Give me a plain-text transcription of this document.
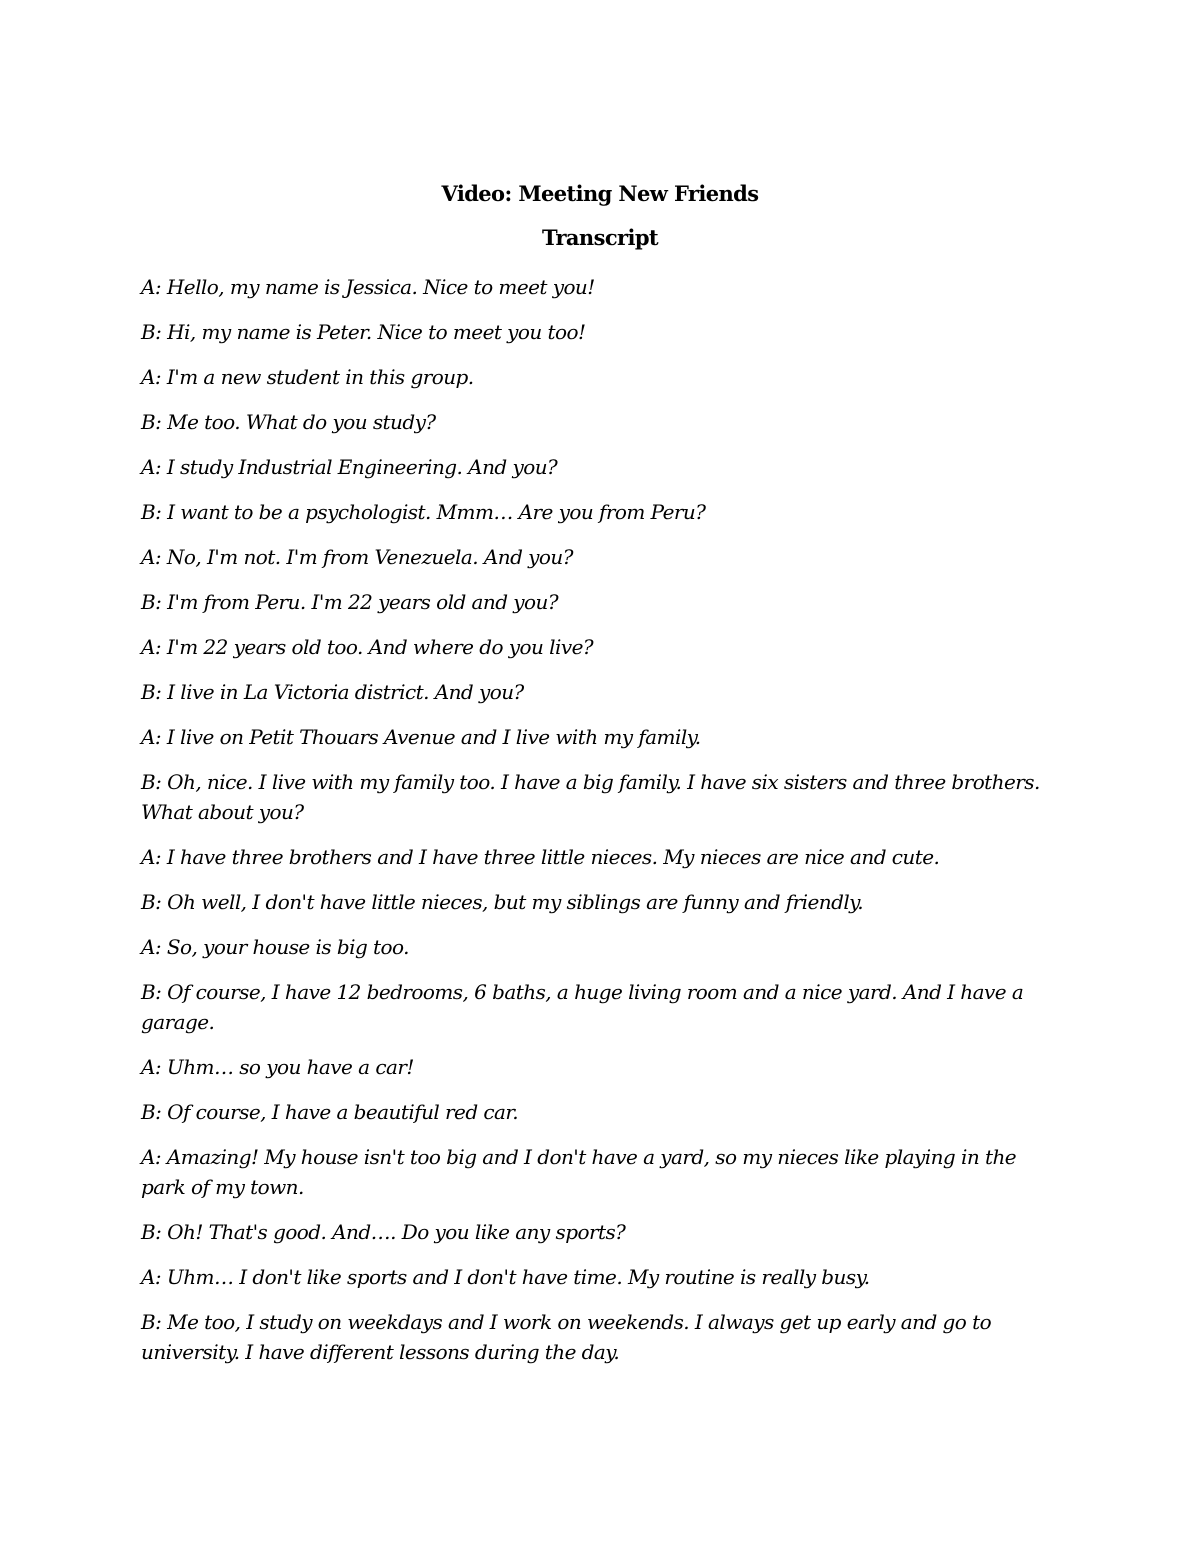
Video: Meeting New Friends
Transcript
A: Hello, my name is Jessica. Nice to meet you!
B: Hi, my name is Peter. Nice to meet you too!
A: I'm a new student in this group.
B: Me too. What do you study?
A: I study Industrial Engineering. And you?
B: I want to be a psychologist. Mmm… Are you from Peru?
A: No, I'm not. I'm from Venezuela. And you?
B: I'm from Peru. I'm 22 years old and you?
A: I'm 22 years old too. And where do you live?
B: I live in La Victoria district. And you?
A: I live on Petit Thouars Avenue and I live with my family.
B: Oh, nice. I live with my family too. I have a big family. I have six sisters and three brothers. What about you?
A: I have three brothers and I have three little nieces. My nieces are nice and cute.
B: Oh well, I don't have little nieces, but my siblings are funny and friendly.
A: So, your house is big too.
B: Of course, I have 12 bedrooms, 6 baths, a huge living room and a nice yard. And I have a garage.
A: Uhm… so you have a car!
B: Of course, I have a beautiful red car.
A: Amazing! My house isn't too big and I don't have a yard, so my nieces like playing in the park of my town.
B: Oh! That's good. And…. Do you like any sports?
A: Uhm… I don't like sports and I don't have time. My routine is really busy.
B: Me too, I study on weekdays and I work on weekends. I always get up early and go to university. I have different lessons during the day.
